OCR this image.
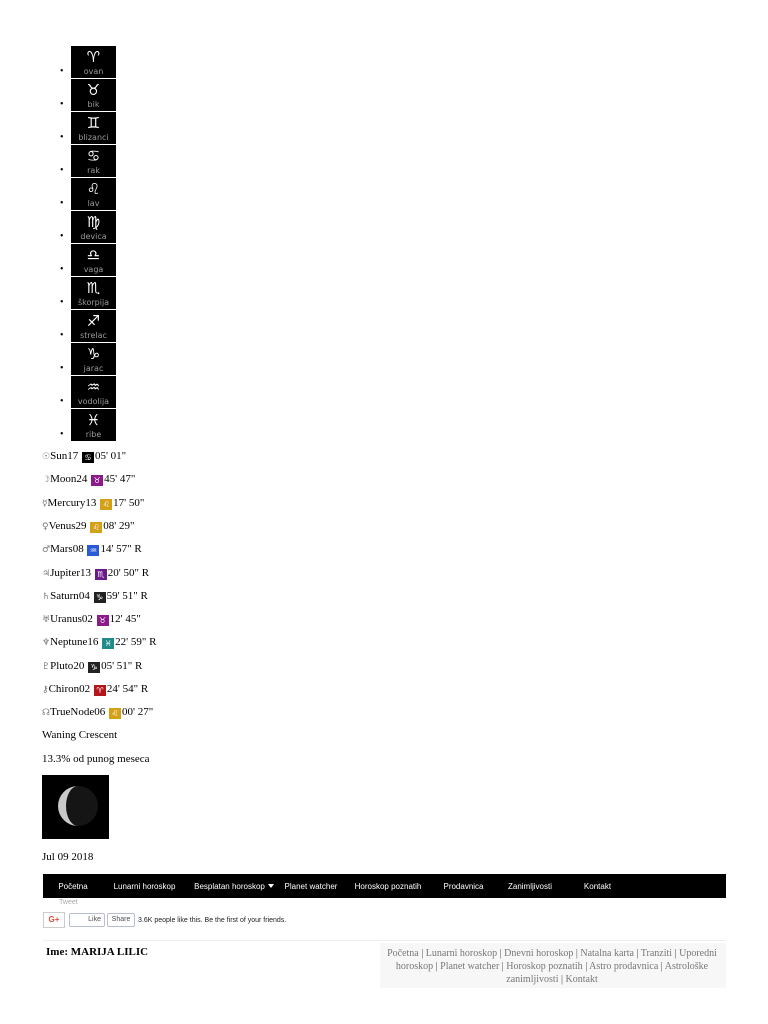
•
♈
ovan
•
♉
bik
•
♊
blizanci
•
♋
rak
•
♌
lav
•
♍
devica
•
♎
vaga
•
♏
škorpija
•
♐
strelac
•
♑
jarac
•
♒
vodolija
•
♓
ribe
☉Sun17 ♋ 05' 01"
☽Moon24 ♉ 45' 47"
☿Mercury13 ♌ 17' 50"
♀Venus29 ♌ 08' 29"
♂Mars08 ♒ 14' 57" R
♃Jupiter13 ♏ 20' 50" R
♄Saturn04 ♑ 59' 51" R
♅Uranus02 ♉ 12' 45"
♆Neptune16 ♓ 22' 59" R
♇Pluto20 ♑ 05' 51" R
⚷Chiron02 ♈ 24' 54" R
☊TrueNode06 ♌ 00' 27"
Waning Crescent
13.3% od punog meseca
Jul 09 2018
Početna	Lunarni horoskop	Besplatan horoskop	Planet watcher	Horoskop poznatih	Prodavnica	Zanimljivosti	Kontakt
Tweet
G+	Like	Share	3.6K people like this. Be the first of your friends.
Ime: MARIJA LILIC	Početna | Lunarni horoskop | Dnevni horoskop | Natalna karta | Tranziti | Uporedni horoskop | Planet watcher | Horoskop poznatih | Astro prodavnica | Astrološke zanimljivosti | Kontakt
